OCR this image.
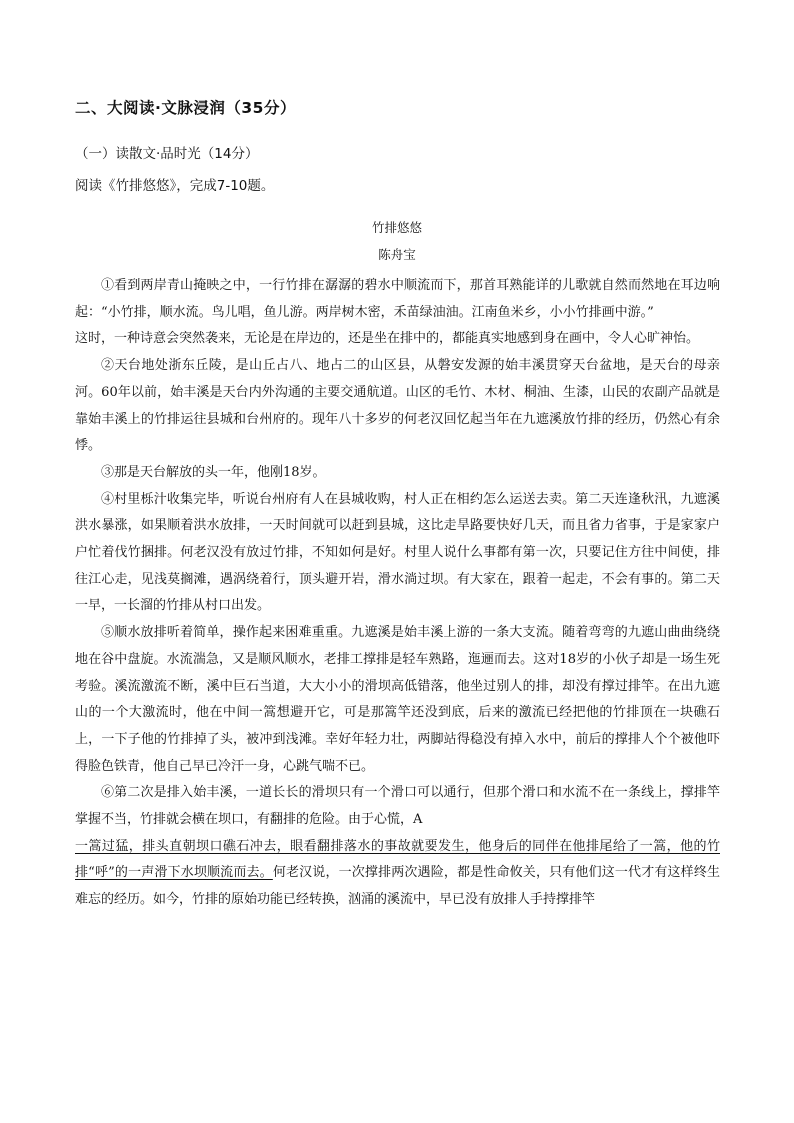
二、大阅读·文脉浸润（35分）
（一）读散文·品时光（14分）
阅读《竹排悠悠》，完成7-10题。
竹排悠悠
陈舟宝

①看到两岸青山掩映之中，一行竹排在潺潺的碧水中顺流而下，那首耳熟能详的儿歌就自然而然地在耳边响起：“小竹排，顺水流。鸟儿唱，鱼儿游。两岸树木密，禾苗绿油油。江南鱼米乡，小小竹排画中游。”

这时，一种诗意会突然袭来，无论是在岸边的，还是坐在排中的，都能真实地感到身在画中，令人心旷神怡。

②天台地处浙东丘陵，是山丘占八、地占二的山区县，从磐安发源的始丰溪贯穿天台盆地，是天台的母亲河。60年以前，始丰溪是天台内外沟通的主要交通航道。山区的毛竹、木材、桐油、生漆，山民的农副产品就是靠始丰溪上的竹排运往县城和台州府的。现年八十多岁的何老汉回忆起当年在九遮溪放竹排的经历，仍然心有余悸。

③那是天台解放的头一年，他刚18岁。

④村里栎汁收集完毕，听说台州府有人在县城收购，村人正在相约怎么运送去卖。第二天连逢秋汛，九遮溪洪水暴涨，如果顺着洪水放排，一天时间就可以赶到县城，这比走旱路要快好几天，而且省力省事，于是家家户户忙着伐竹捆排。何老汉没有放过竹排，不知如何是好。村里人说什么事都有第一次，只要记住方往中间使，排往江心走，见浅莫搁滩，遇涡绕着行，顶头避开岩，滑水淌过坝。有大家在，跟着一起走，不会有事的。第二天一早，一长溜的竹排从村口出发。

⑤顺水放排听着简单，操作起来困难重重。九遮溪是始丰溪上游的一条大支流。随着弯弯的九遮山曲曲绕绕地在谷中盘旋。水流湍急，又是顺风顺水，老排工撑排是轻车熟路，迤逦而去。这对18岁的小伙子却是一场生死考验。溪流激流不断，溪中巨石当道，大大小小的滑坝高低错落，他坐过别人的排，却没有撑过排竿。在出九遮山的一个大激流时，他在中间一篙想避开它，可是那篙竿还没到底，后来的激流已经把他的竹排顶在一块礁石上，一下子他的竹排掉了头，被冲到浅滩。幸好年轻力壮，两脚站得稳没有掉入水中，前后的撑排人个个被他吓得脸色铁青，他自己早已冷汗一身，心跳气喘不已。

⑥第二次是排入始丰溪，一道长长的滑坝只有一个滑口可以通行，但那个滑口和水流不在一条线上，撑排竿掌握不当，竹排就会横在坝口，有翻排的危险。由于心慌，A
一篙过猛，排头直朝坝口礁石冲去，眼看翻排落水的事故就要发生，他身后的同伴在他排尾给了一篙，他的竹排“呼”的一声滑下水坝顺流而去。何老汉说，一次撑排两次遇险，都是性命攸关，只有他们这一代才有这样终生难忘的经历。如今，竹排的原始功能已经转换，汹涌的溪流中，早已没有放排人手持撑排竿
